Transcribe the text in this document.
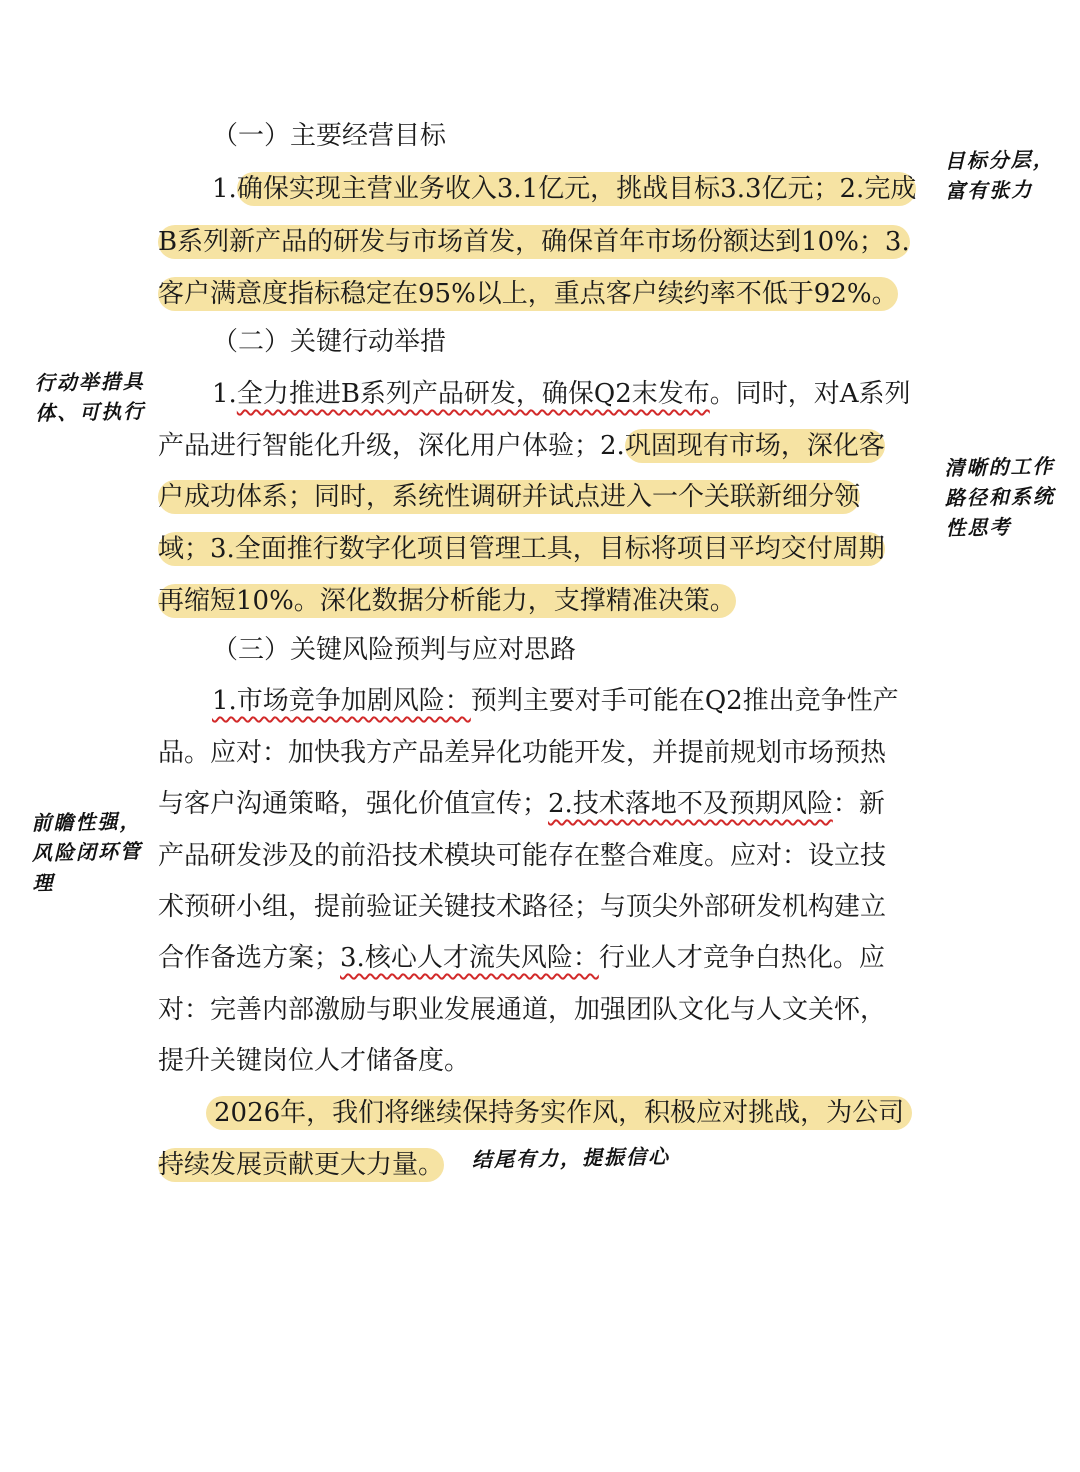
（一）主要经营目标
1.确保实现主营业务收入3.1亿元，挑战目标3.3亿元；2.完成
B系列新产品的研发与市场首发，确保首年市场份额达到10%；3.
客户满意度指标稳定在95%以上，重点客户续约率不低于92%。
（二）关键行动举措
1.全力推进B系列产品研发，确保Q2末发布。同时，对A系列
产品进行智能化升级，深化用户体验；2.巩固现有市场，深化客
户成功体系；同时，系统性调研并试点进入一个关联新细分领
域；3.全面推行数字化项目管理工具，目标将项目平均交付周期
再缩短10%。深化数据分析能力，支撑精准决策。
（三）关键风险预判与应对思路
1.市场竞争加剧风险：预判主要对手可能在Q2推出竞争性产
品。应对：加快我方产品差异化功能开发，并提前规划市场预热
与客户沟通策略，强化价值宣传；2.技术落地不及预期风险：新
产品研发涉及的前沿技术模块可能存在整合难度。应对：设立技
术预研小组，提前验证关键技术路径；与顶尖外部研发机构建立
合作备选方案；3.核心人才流失风险：行业人才竞争白热化。应
对：完善内部激励与职业发展通道，加强团队文化与人文关怀，
提升关键岗位人才储备度。
2026年，我们将继续保持务实作风，积极应对挑战，为公司
持续发展贡献更大力量。
目标分层，
富有张力
行动举措具
体、可执行
清晰的工作
路径和系统
性思考
前瞻性强，
风险闭环管
理
结尾有力，提振信心
